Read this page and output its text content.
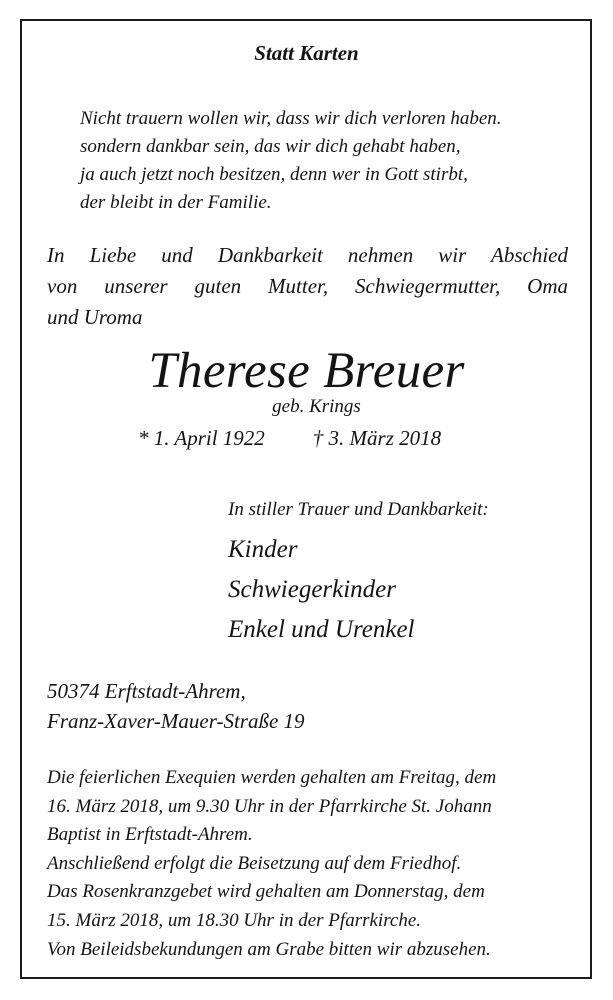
Statt Karten
Nicht trauern wollen wir, dass wir dich verloren haben.
sondern dankbar sein, das wir dich gehabt haben,
ja auch jetzt noch besitzen, denn wer in Gott stirbt,
der bleibt in der Familie.
In Liebe und Dankbarkeit nehmen wir Abschied
von unserer guten Mutter, Schwiegermutter, Oma
und Uroma
Therese Breuer
geb. Krings
* 1. April 1922 † 3. März 2018
In stiller Trauer und Dankbarkeit:
Kinder
Schwiegerkinder
Enkel und Urenkel
50374 Erftstadt-Ahrem,
Franz-Xaver-Mauer-Straße 19
Die feierlichen Exequien werden gehalten am Freitag, dem
16. März 2018, um 9.30 Uhr in der Pfarrkirche St. Johann
Baptist in Erftstadt-Ahrem.
Anschließend erfolgt die Beisetzung auf dem Friedhof.
Das Rosenkranzgebet wird gehalten am Donnerstag, dem
15. März 2018, um 18.30 Uhr in der Pfarrkirche.
Von Beileidsbekundungen am Grabe bitten wir abzusehen.
